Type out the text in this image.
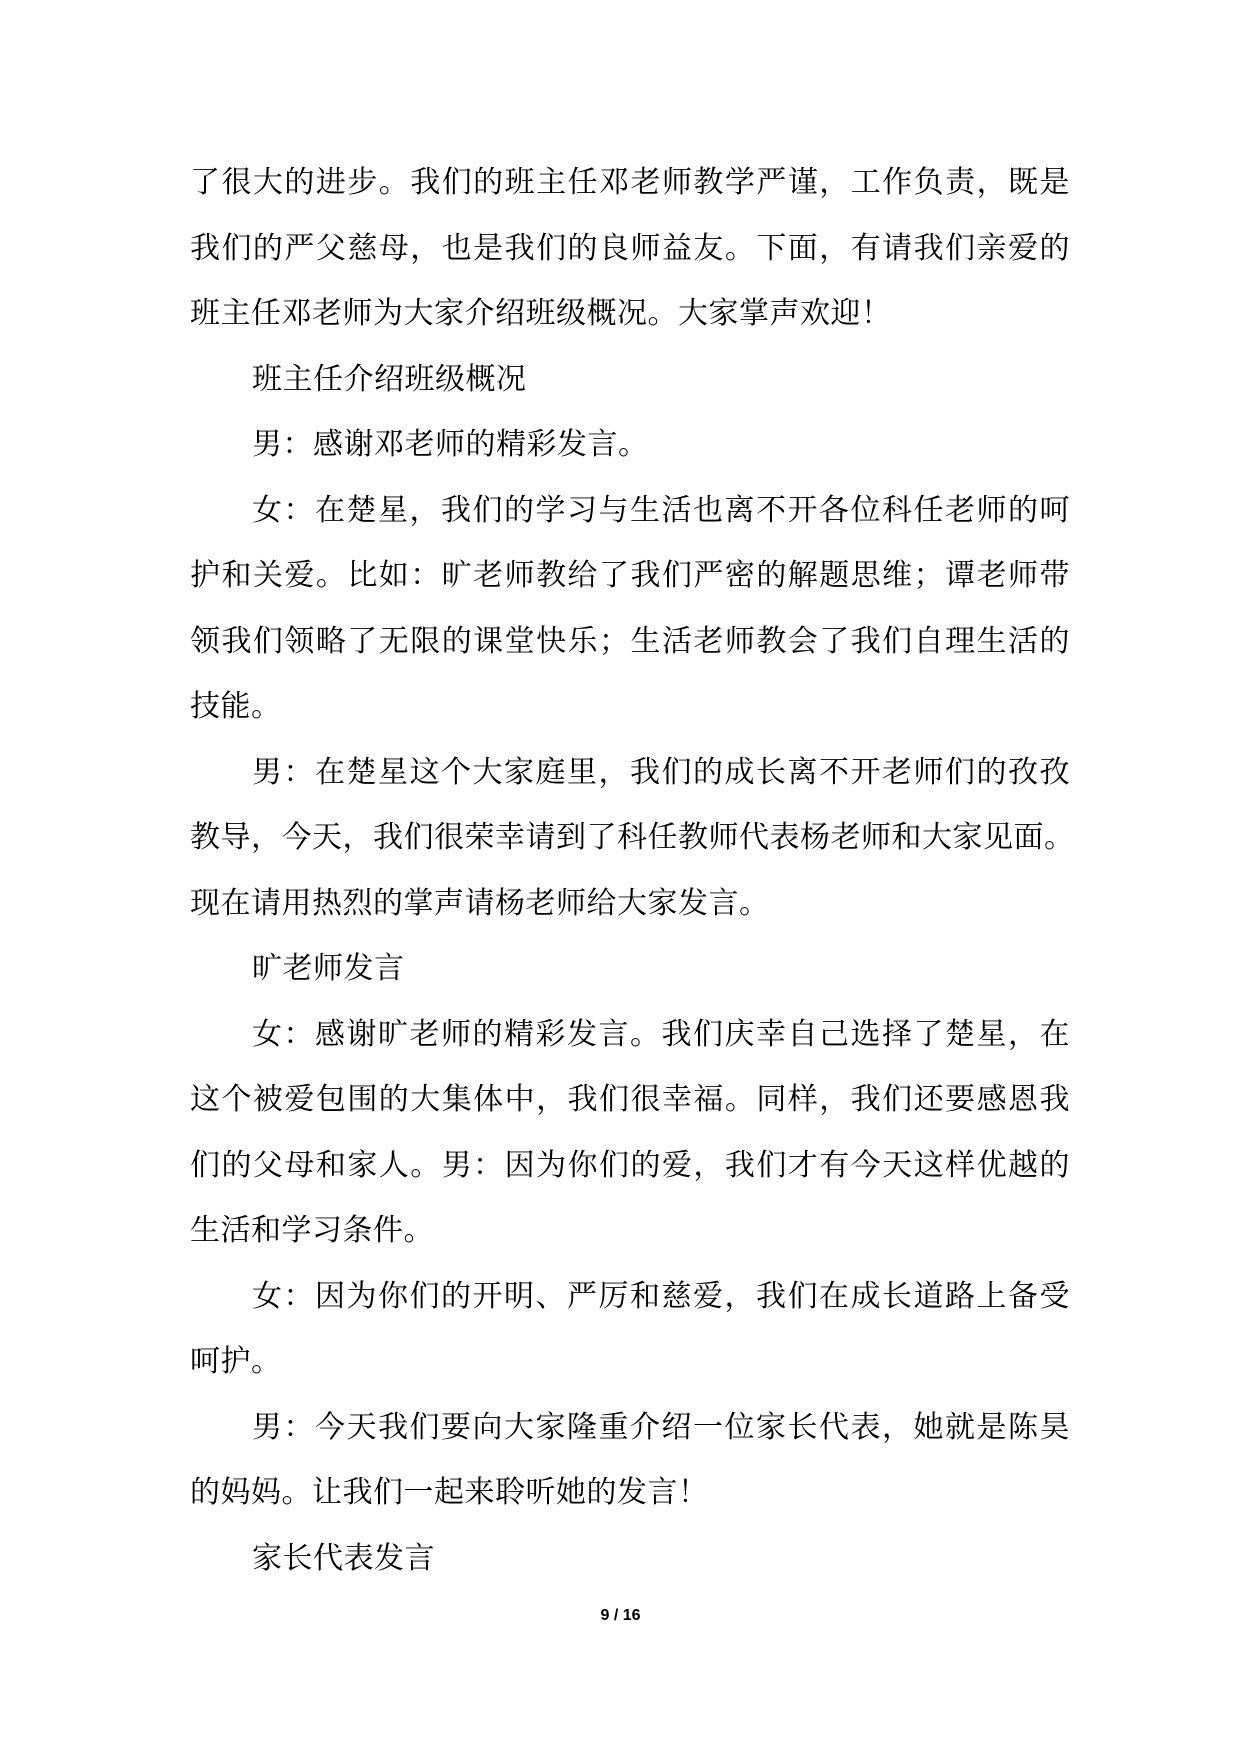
了很大的进步。我们的班主任邓老师教学严谨，工作负责，既是
我们的严父慈母，也是我们的良师益友。下面，有请我们亲爱的
班主任邓老师为大家介绍班级概况。大家掌声欢迎！
班主任介绍班级概况
男：感谢邓老师的精彩发言。
女：在楚星，我们的学习与生活也离不开各位科任老师的呵
护和关爱。比如：旷老师教给了我们严密的解题思维；谭老师带
领我们领略了无限的课堂快乐；生活老师教会了我们自理生活的
技能。
男：在楚星这个大家庭里，我们的成长离不开老师们的孜孜
教导，今天，我们很荣幸请到了科任教师代表杨老师和大家见面。
现在请用热烈的掌声请杨老师给大家发言。
旷老师发言
女：感谢旷老师的精彩发言。我们庆幸自己选择了楚星，在
这个被爱包围的大集体中，我们很幸福。同样，我们还要感恩我
们的父母和家人。男：因为你们的爱，我们才有今天这样优越的
生活和学习条件。
女：因为你们的开明、严厉和慈爱，我们在成长道路上备受
呵护。
男：今天我们要向大家隆重介绍一位家长代表，她就是陈昊
的妈妈。让我们一起来聆听她的发言！
家长代表发言
9 / 16
